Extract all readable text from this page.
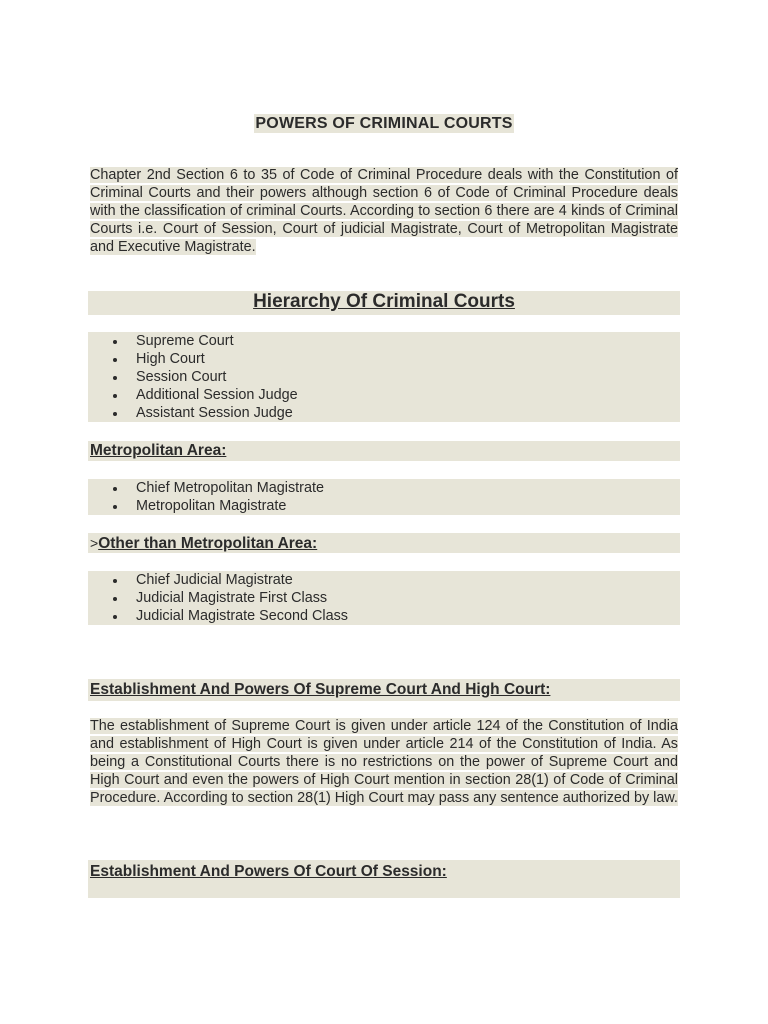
POWERS OF CRIMINAL COURTS

Chapter 2nd Section 6 to 35 of Code of Criminal Procedure deals with the Constitution of Criminal Courts and their powers although section 6 of Code of Criminal Procedure deals with the classification of criminal Courts. According to section 6 there are 4 kinds of Criminal Courts i.e. Court of Session, Court of judicial Magistrate, Court of Metropolitan Magistrate and Executive Magistrate.

Hierarchy Of Criminal Courts
Supreme Court
High Court
Session Court
Additional Session Judge
Assistant Session Judge
Metropolitan Area:
Chief Metropolitan Magistrate
Metropolitan Magistrate
>Other than Metropolitan Area:
Chief Judicial Magistrate
Judicial Magistrate First Class
Judicial Magistrate Second Class
Establishment And Powers Of Supreme Court And High Court:

The establishment of Supreme Court is given under article 124 of the Constitution of India and establishment of High Court is given under article 214 of the Constitution of India. As being a Constitutional Courts there is no restrictions on the power of Supreme Court and High Court and even the powers of High Court mention in section 28(1) of Code of Criminal Procedure. According to section 28(1) High Court may pass any sentence authorized by law.

Establishment And Powers Of Court Of Session:
